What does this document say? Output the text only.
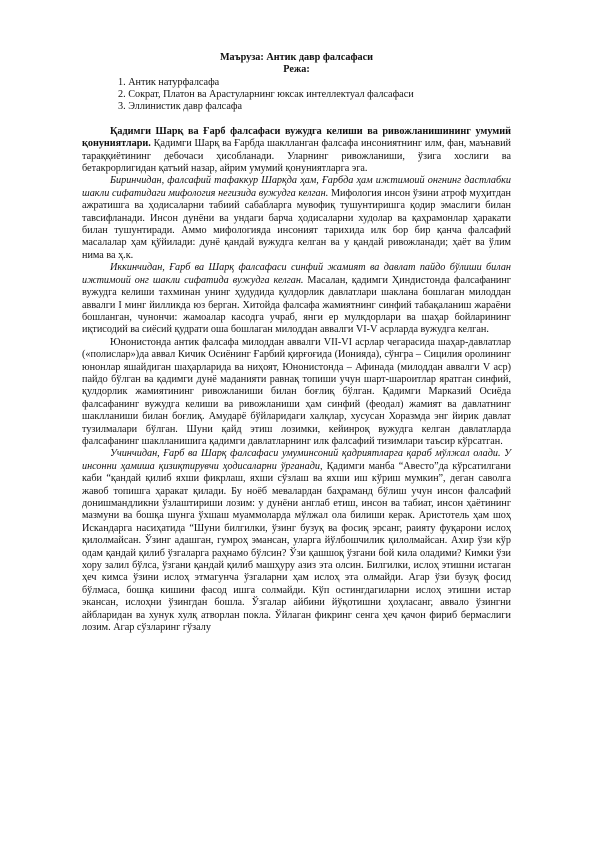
Маъруза: Антик давр фалсафаси
Режа:
1. Антик натурфалсафа
2. Сократ, Платон ва Арастуларнинг юксак интеллектуал фалсафаси
3. Эллинистик давр фалсафа

Қадимги Шарқ ва Ғарб фалсафаси вужудга келиши ва ривожланишининг умумий қонуниятлари. Қадимги Шарқ ва Ғарбда шаклланган фалсафа инсониятнинг илм, фан, маънавий тараққиётининг дебочаси ҳисобланади. Уларнинг ривожланиши, ўзига хослиги ва бетакрорлигидан қатъий назар, айрим умумий қонуниятларга эга.

Биринчидан, фалсафий тафаккур Шарқда ҳам, Ғарбда ҳам ижтимоий онгнинг дастлабки шакли сифатидаги мифология негизида вужудга келган. Мифология инсон ўзини атроф муҳитдан ажратишга ва ҳодисаларни табиий сабабларга мувофиқ тушунтиришга қодир эмаслиги билан тавсифланади. Инсон дунёни ва ундаги барча ҳодисаларни худолар ва қаҳрамонлар ҳаракати билан тушунтиради. Аммо мифологияда инсоният тарихида илк бор бир қанча фалсафий масалалар ҳам қўйилади: дунё қандай вужудга келган ва у қандай ривожланади; ҳаёт ва ўлим нима ва ҳ.к.

Иккинчидан, Ғарб ва Шарқ фалсафаси синфий жамият ва давлат пайдо бўлиши билан ижтимоий онг шакли сифатида вужудга келган. Масалан, қадимги Ҳиндистонда фалсафанинг вужудга келиши тахминан унинг ҳудудида қулдорлик давлатлари шаклана бошлаган милоддан аввалги I минг йилликда юз берган. Хитойда фалсафа жамиятнинг синфий табақаланиш жараёни бошланган, чунончи: жамоалар касодга учраб, янги ер мулкдорлари ва шаҳар бойларининг иқтисодий ва сиёсий қудрати оша бошлаган милоддан аввалги VI-V асрларда вужудга келган.

Юнонистонда антик фалсафа милоддан аввалги VII-VI асрлар чегарасида шаҳар-давлатлар («полислар»)да аввал Кичик Осиёнинг Ғарбий қирғоғида (Ионияда), сўнгра – Сицилия оролининг юнонлар яшайдиган шаҳарларида ва ниҳоят, Юнонистонда – Афинада (милоддан аввалги V аср) пайдо бўлган ва қадимги дунё маданияти равнақ топиши учун шарт-шароитлар яратган синфий, қулдорлик жамиятининг ривожланиши билан боғлиқ бўлган. Қадимги Марказий Осиёда фалсафанинг вужудга келиши ва ривожланиши ҳам синфий (феодал) жамият ва давлатнинг шаклланиши билан боғлиқ. Амударё бўйларидаги халқлар, хусусан Хоразмда энг йирик давлат тузилмалари бўлган. Шуни қайд этиш лозимки, кейинроқ вужудга келган давлатларда фалсафанинг шаклланишига қадимги давлатларнинг илк фалсафий тизимлари таъсир кўрсатган.

Учинчидан, Ғарб ва Шарқ фалсафаси умуминсоний қадриятларга қараб мўлжал олади. У инсонни ҳамиша қизиқтирувчи ҳодисаларни ўрганади, Қадимги манба “Авесто”да кўрсатилгани каби “қандай қилиб яхши фикрлаш, яхши сўзлаш ва яхши иш кўриш мумкин”, деган саволга жавоб топишга ҳаракат қилади. Бу ноёб мевалардан баҳраманд бўлиш учун инсон фалсафий донишмандликни ўзлаштириши лозим: у дунёни англаб етиш, инсон ва табиат, инсон ҳаётининг мазмуни ва бошқа шунга ўхшаш муаммоларда мўлжал ола билиши керак. Аристотель ҳам шоҳ Искандарга насиҳатида “Шуни билгилки, ўзинг бузуқ ва фосиқ эрсанг, раияту фуқарони ислоҳ қилолмайсан. Ўзинг адашган, гумроҳ эмансан, уларга йўлбошчилик қилолмайсан. Ахир ўзи кўр одам қандай қилиб ўзгаларга раҳнамо бўлсин? Ўзи қашшоқ ўзгани бой кила оладими? Кимки ўзи хору залил бўлса, ўзгани қандай қилиб машҳуру азиз эта олсин. Билгилки, ислоҳ этишни истаган ҳеч кимса ўзини ислоҳ этмагунча ўзгаларни ҳам ислоҳ эта олмайди. Агар ўзи бузуқ фосид бўлмаса, бошқа кишини фасод ишга солмайди. Кўп остингдагиларни ислоҳ этишни истар экансан, ислоҳни ўзингдан бошла. Ўзгалар айбини йўқотишни ҳоҳласанг, аввало ўзингни айбларидан ва хунук хулқ атворлан покла. Ўйлаган фикринг сенга ҳеч қачон фириб бермаслиги лозим. Агар сўзларинг гўзалу
